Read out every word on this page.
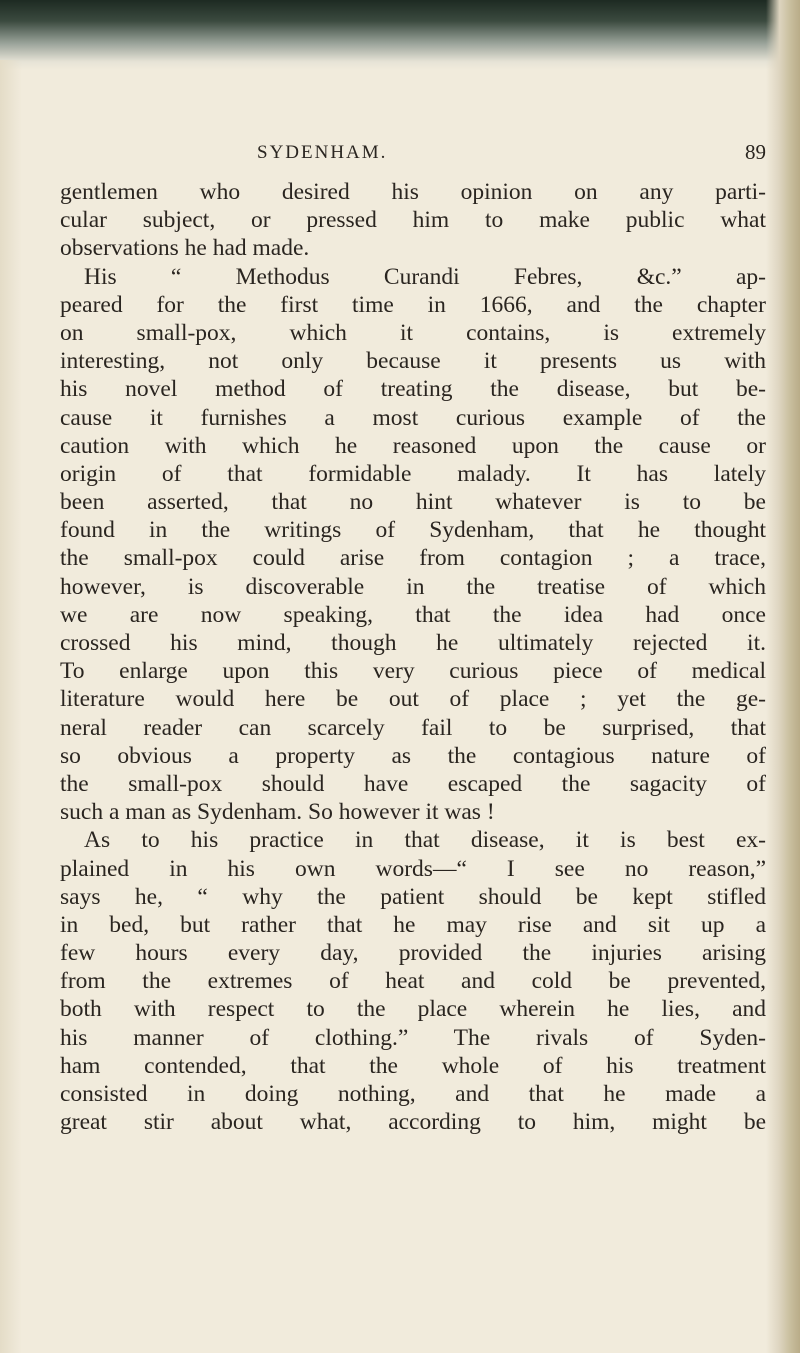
SYDENHAM.	89
gentlemen who desired his opinion on any parti-
cular subject, or pressed him to make public what
observations he had made.
His “ Methodus Curandi Febres, &c.” ap-
peared for the first time in 1666, and the chapter
on small-pox, which it contains, is extremely
interesting, not only because it presents us with
his novel method of treating the disease, but be-
cause it furnishes a most curious example of the
caution with which he reasoned upon the cause or
origin of that formidable malady. It has lately
been asserted, that no hint whatever is to be
found in the writings of Sydenham, that he thought
the small-pox could arise from contagion ; a trace,
however, is discoverable in the treatise of which
we are now speaking, that the idea had once
crossed his mind, though he ultimately rejected it.
To enlarge upon this very curious piece of medical
literature would here be out of place ; yet the ge-
neral reader can scarcely fail to be surprised, that
so obvious a property as the contagious nature of
the small-pox should have escaped the sagacity of
such a man as Sydenham. So however it was !
As to his practice in that disease, it is best ex-
plained in his own words—“ I see no reason,”
says he, “ why the patient should be kept stifled
in bed, but rather that he may rise and sit up a
few hours every day, provided the injuries arising
from the extremes of heat and cold be prevented,
both with respect to the place wherein he lies, and
his manner of clothing.” The rivals of Syden-
ham contended, that the whole of his treatment
consisted in doing nothing, and that he made a
great stir about what, according to him, might be
